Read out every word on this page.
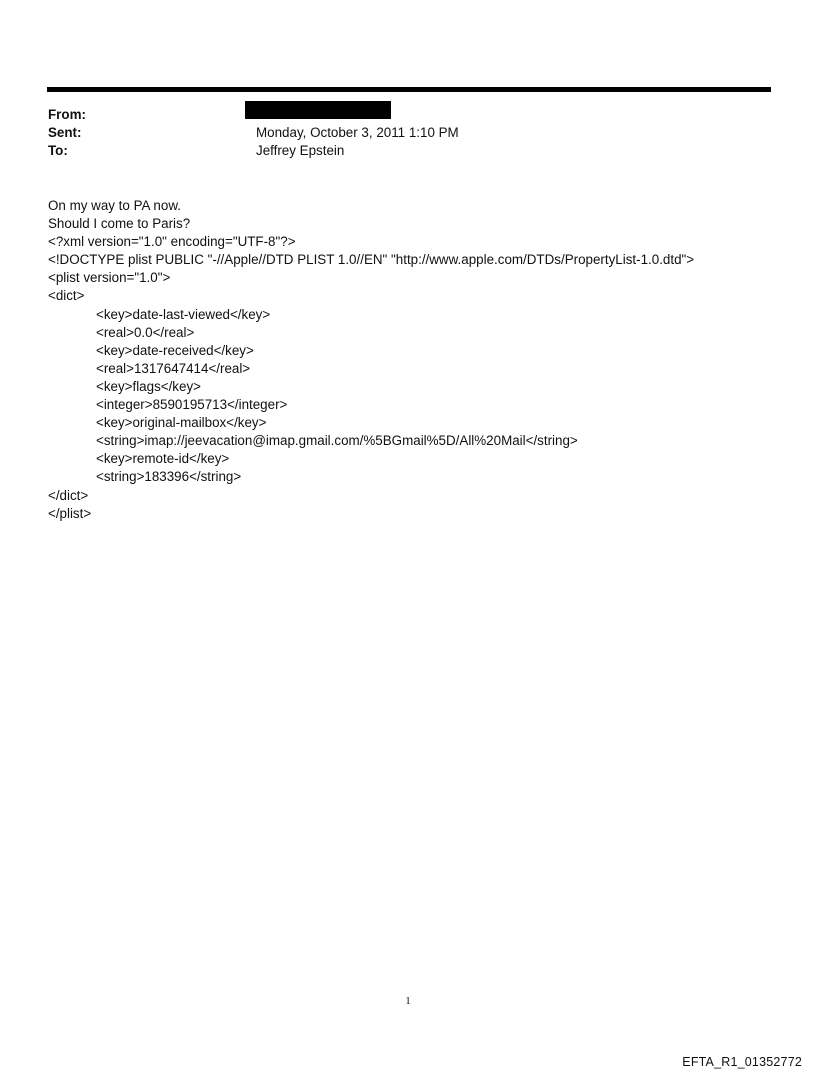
From:
Sent:	Monday, October 3, 2011 1:10 PM
To:	Jeffrey Epstein
On my way to PA now.
Should I come to Paris?
<?xml version="1.0" encoding="UTF-8"?>
<!DOCTYPE plist PUBLIC "-//Apple//DTD PLIST 1.0//EN" "http://www.apple.com/DTDs/PropertyList-1.0.dtd">
<plist version="1.0">
<dict>
<key>date-last-viewed</key>
<real>0.0</real>
<key>date-received</key>
<real>1317647414</real>
<key>flags</key>
<integer>8590195713</integer>
<key>original-mailbox</key>
<string>imap://jeevacation@imap.gmail.com/%5BGmail%5D/All%20Mail</string>
<key>remote-id</key>
<string>183396</string>
</dict>
</plist>
1
EFTA_R1_01352772
